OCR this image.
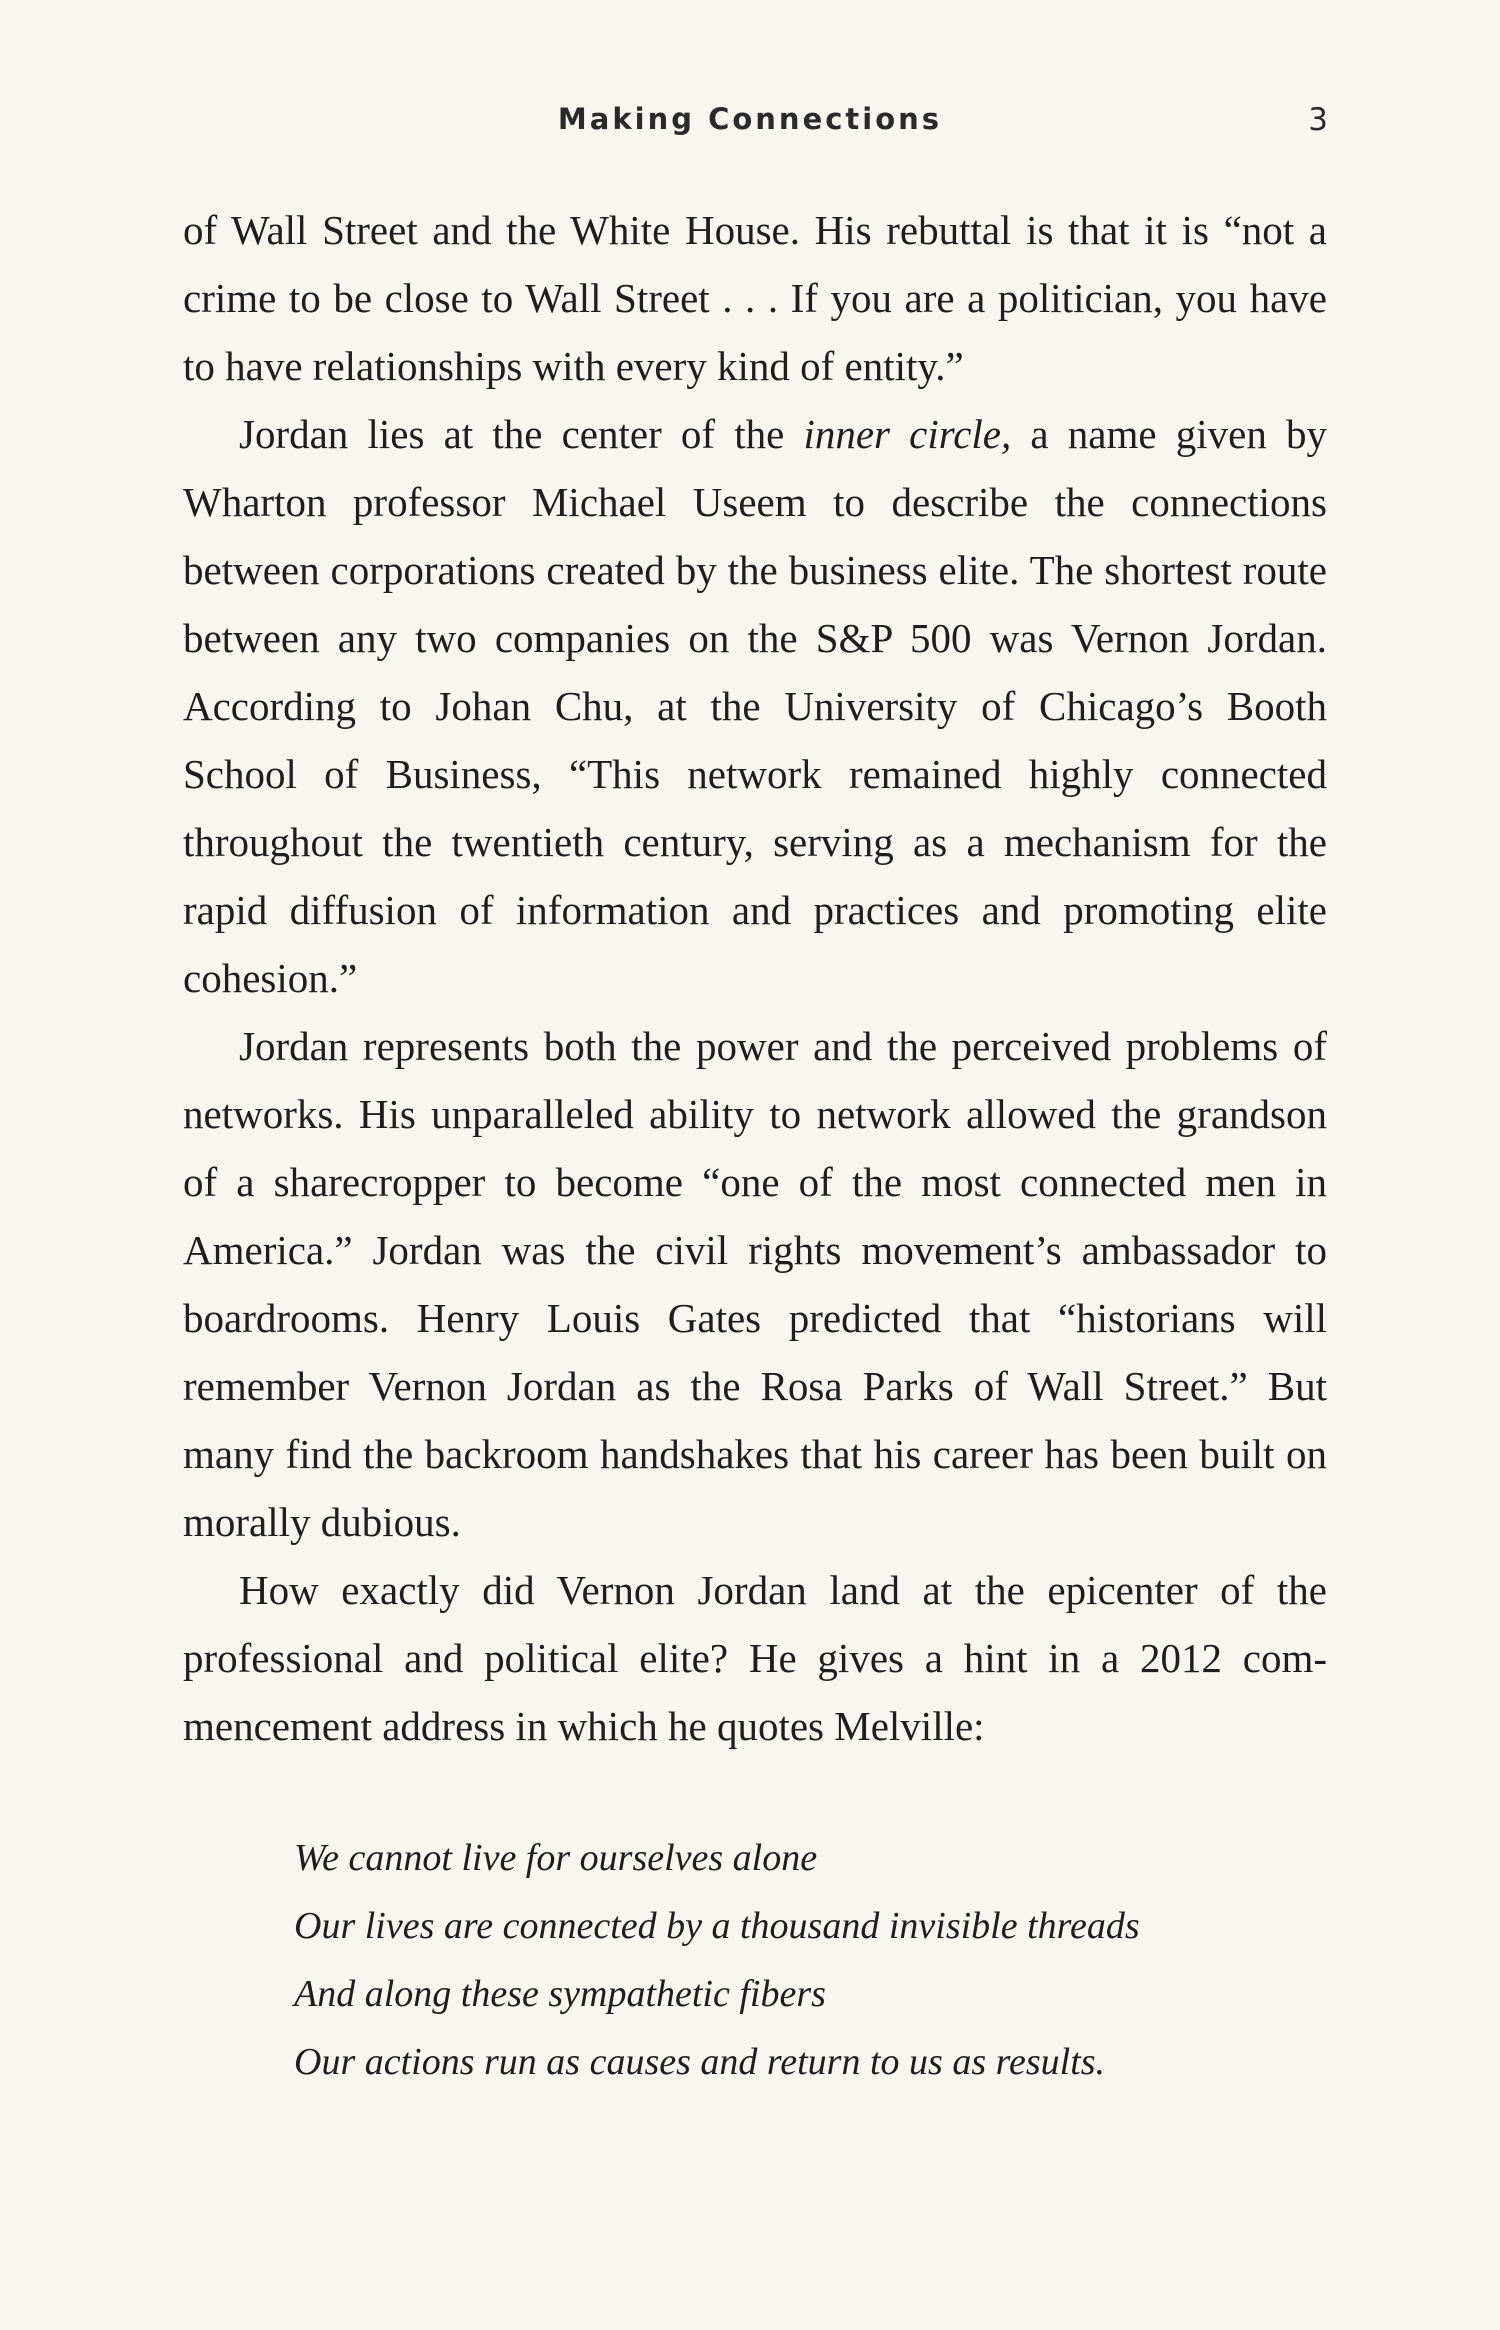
Making Connections	3

of Wall Street and the White House. His rebuttal is that it is “not a crime to be close to Wall Street . . . If you are a politician, you have to have relationships with every kind of entity.”

Jordan lies at the center of the inner circle, a name given by Wharton professor Michael Useem to describe the connections between corporations created by the business elite. The shortest route between any two companies on the S&P 500 was Vernon Jordan. According to Johan Chu, at the University of Chicago’s Booth School of Business, “This network remained highly connected throughout the twentieth century, serving as a mechanism for the rapid diffusion of information and practices and promoting elite cohesion.”

Jordan represents both the power and the perceived problems of networks. His unparalleled ability to network allowed the grandson of a sharecropper to become “one of the most connected men in America.” Jordan was the civil rights movement’s ambassador to boardrooms. Henry Louis Gates predicted that “historians will remember Vernon Jordan as the Rosa Parks of Wall Street.” But many find the backroom handshakes that his career has been built on morally dubious.

How exactly did Vernon Jordan land at the epicenter of the professional and political elite? He gives a hint in a 2012 commencement address in which he quotes Melville:

We cannot live for ourselves alone
Our lives are connected by a thousand invisible threads
And along these sympathetic fibers
Our actions run as causes and return to us as results.
